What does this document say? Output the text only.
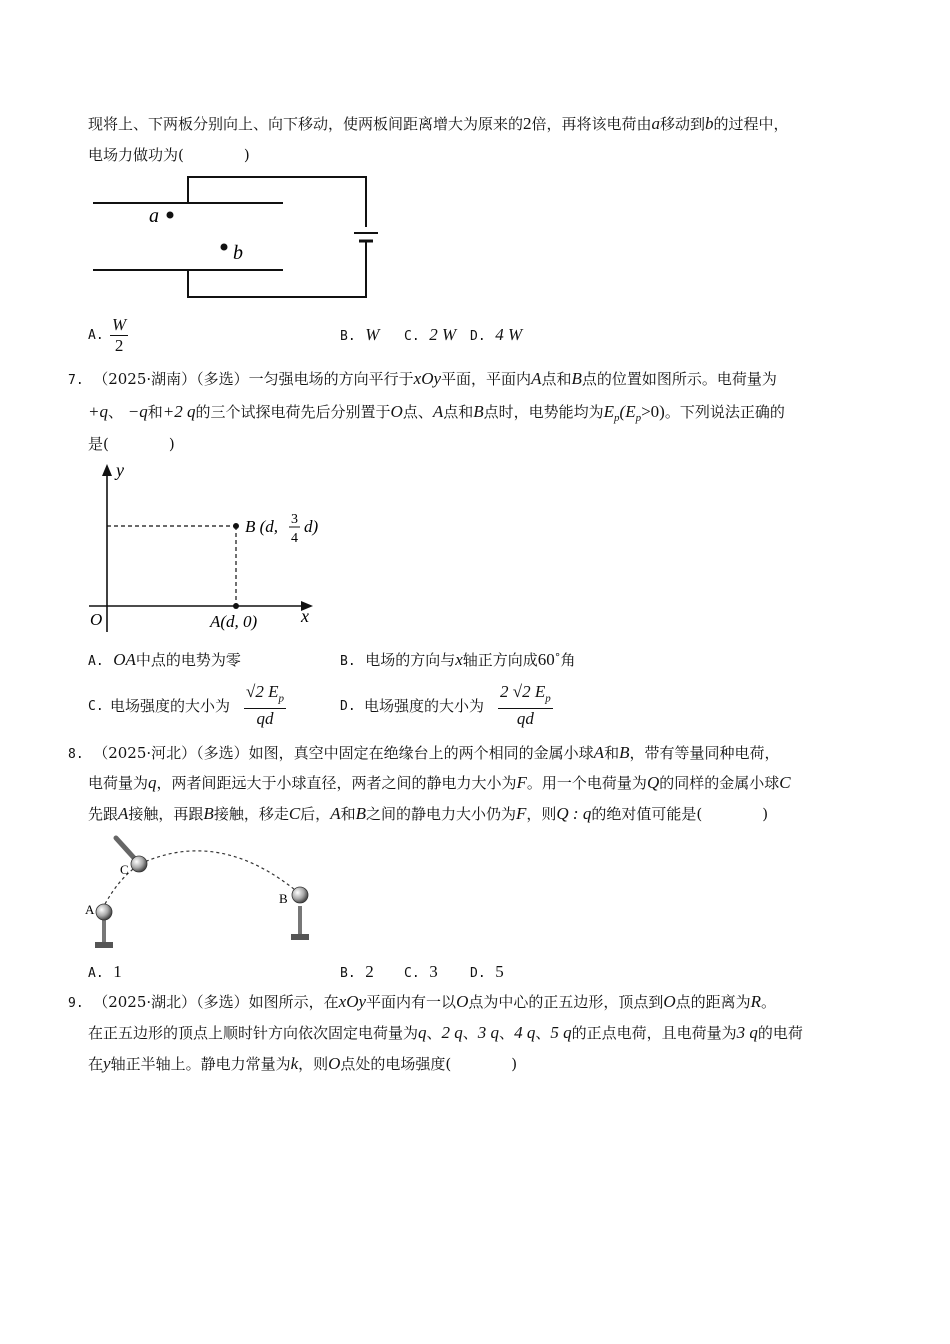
现将上、下两板分别向上、向下移动，使两板间距离增大为原来的2倍，再将该电荷由a移动到b的过程中，
电场力做功为(　　　　)
a
b
A. $\frac{W}{2}$	B. W C. 2 W D. 4 W
7. （2025·湖南）（多选）一匀强电场的方向平行于xOy平面，平面内A点和B点的位置如图所示。电荷量为
+q、 −q和+2 q的三个试探电荷先后分别置于O点、A点和B点时，电势能均为$E_p(E_p>0)$。下列说法正确的
是(　　　　)
y
x
O
B (d, 3
4
d)
A(d, 0)
A. OA中点的电势为零	B. 电场的方向与x轴正方向成60˚角
C. 电场强度的大小为 $\frac{√2 E_p}{qd}$	D. 电场强度的大小为 $\frac{2 √2 E_p}{qd}$
8. （2025·河北）（多选）如图，真空中固定在绝缘台上的两个相同的金属小球A和B，带有等量同种电荷，
电荷量为q，两者间距远大于小球直径，两者之间的静电力大小为F。用一个电荷量为Q的同样的金属小球C
先跟A接触，再跟B接触，移走C后，A和B之间的静电力大小仍为F，则Q : q的绝对值可能是(　　　　)
A
B
C
A. 1	B. 2 C. 3 D. 5
9. （2025·湖北）（多选）如图所示，在xOy平面内有一以O点为中心的正五边形，顶点到O点的距离为R。
在正五边形的顶点上顺时针方向依次固定电荷量为q、2 q、3 q、4 q、5 q的正点电荷，且电荷量为3 q的电荷
在y轴正半轴上。静电力常量为k，则O点处的电场强度(　　　　)
